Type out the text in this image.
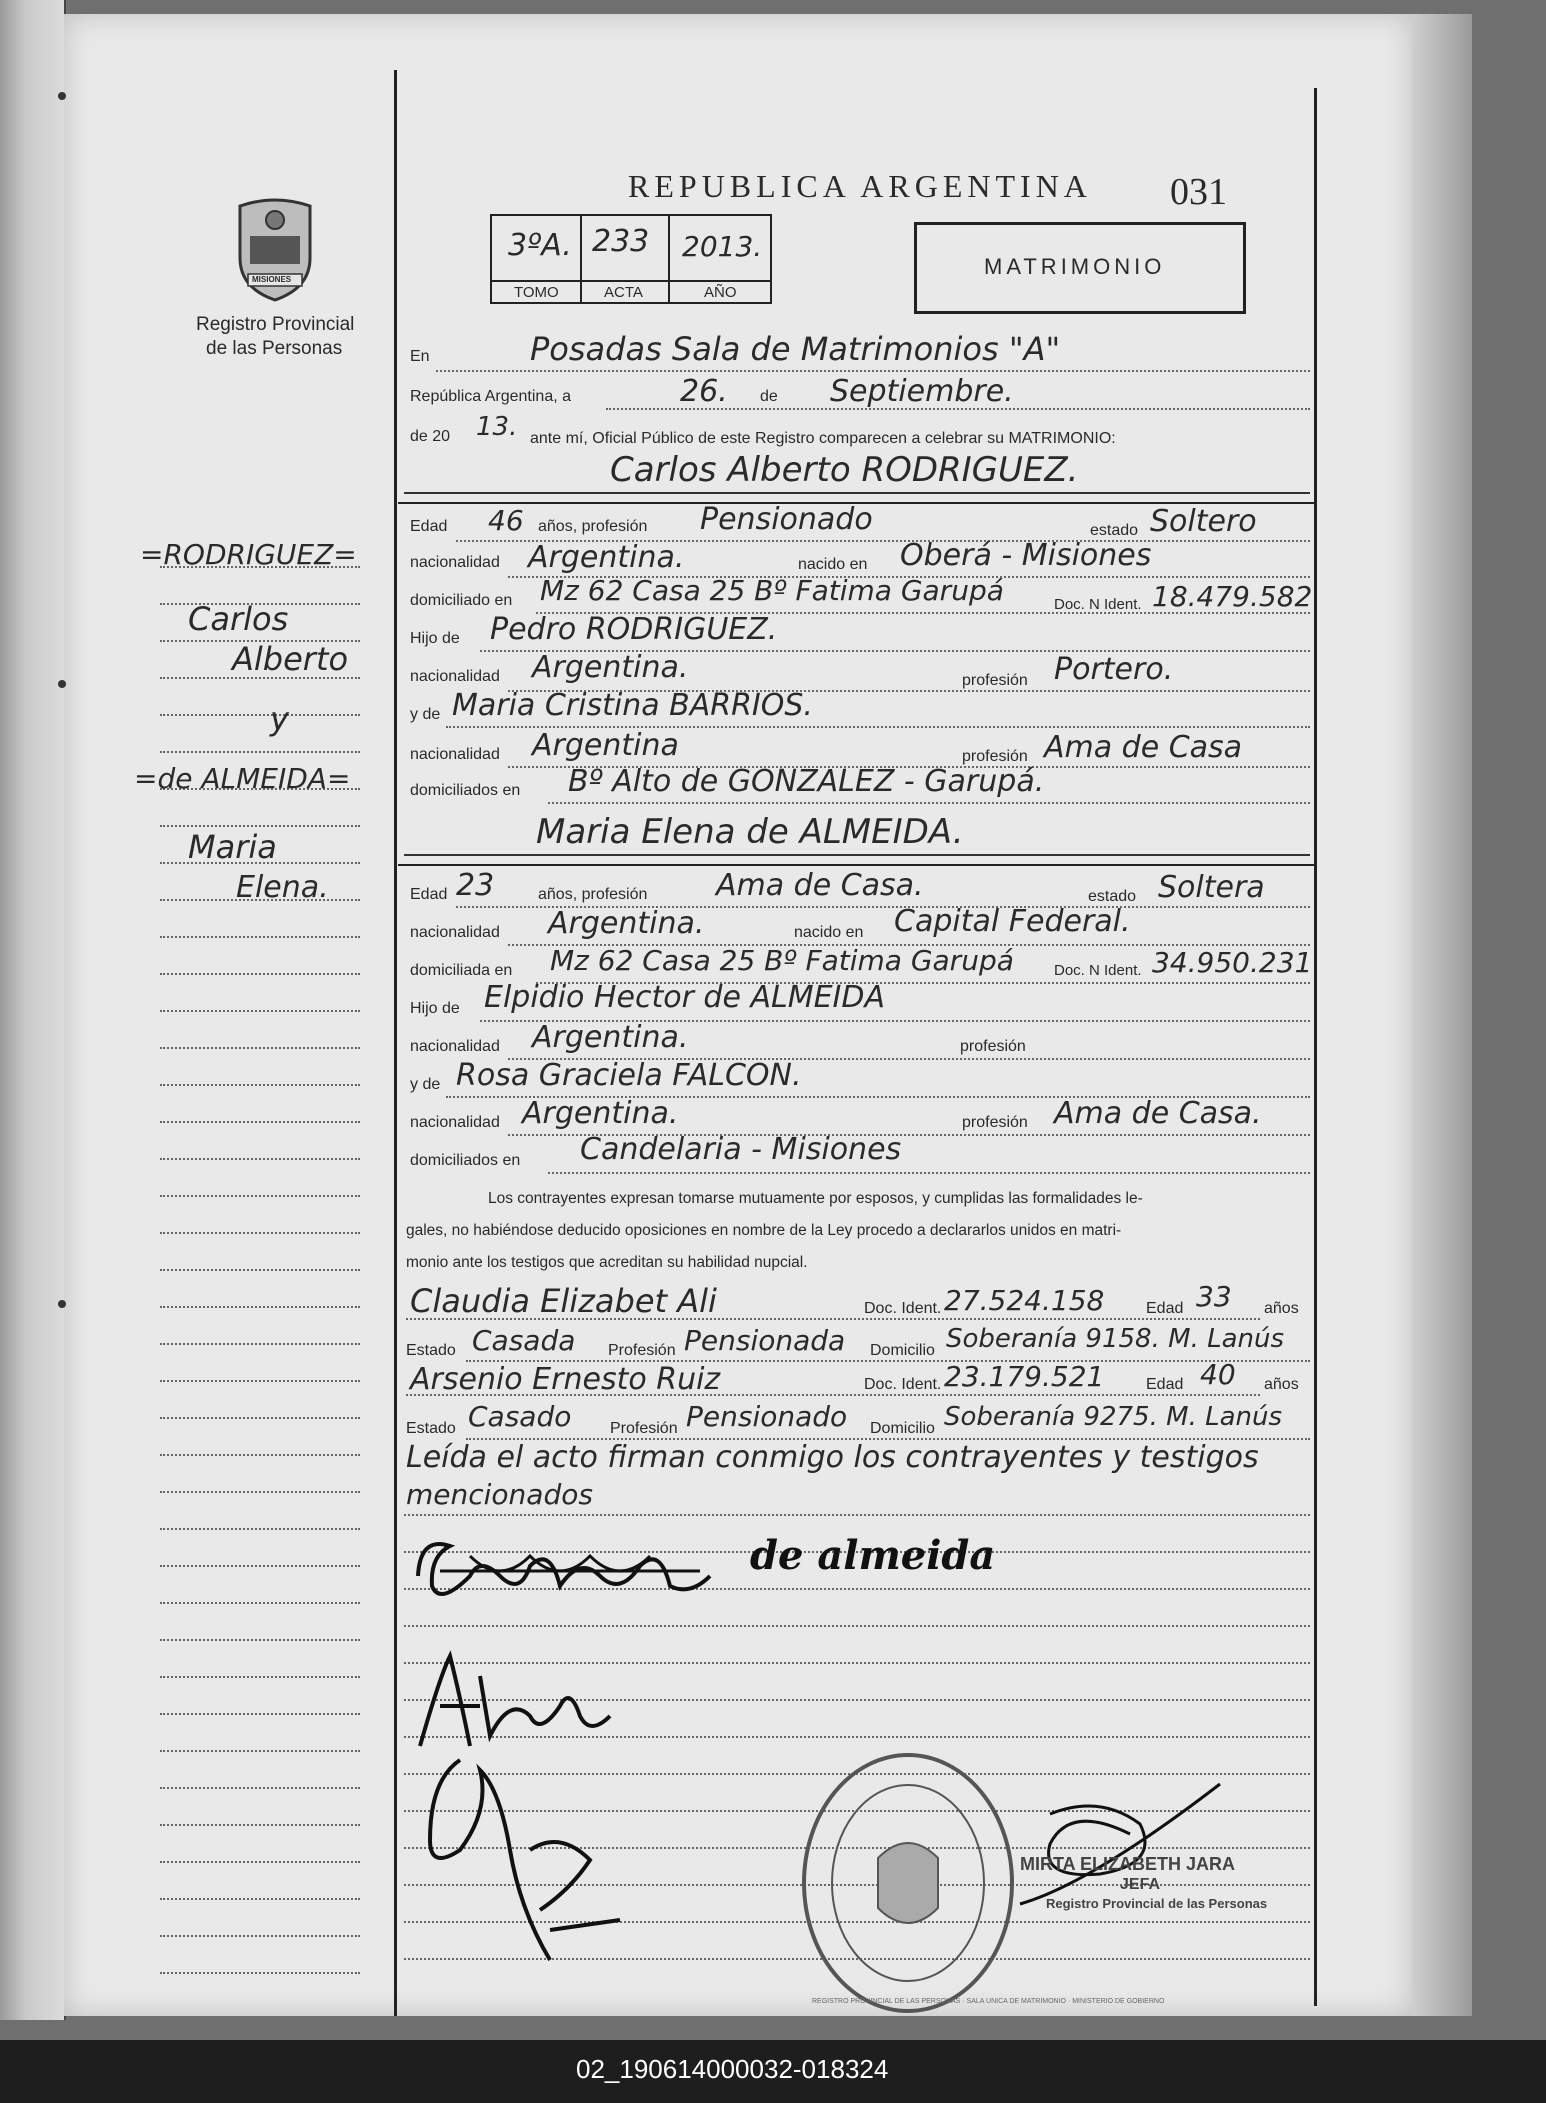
MISIONES
Registro Provincial
de las Personas
REPUBLICA ARGENTINA 031
3ºA. 233 2013.
TOMO	ACTA	AÑO
MATRIMONIO
=RODRIGUEZ=
Carlos
Alberto
y
=de ALMEIDA=
Maria
Elena.
En	Posadas Sala de Matrimonios "A"
República Argentina, a	26. de Septiembre.
de 20 13. ante mí, Oficial Público de este Registro comparecen a celebrar su MATRIMONIO:
Carlos Alberto RODRIGUEZ.
Edad 46 años, profesión Pensionado	estado Soltero
nacionalidad Argentina.	nacido en Oberá - Misiones
domiciliado en Mz 62 Casa 25 Bº Fatima Garupá	Doc. N Ident. 18.479.582
Hijo de Pedro RODRIGUEZ.
nacionalidad Argentina.	profesión Portero.
y de Maria Cristina BARRIOS.
nacionalidad Argentina	profesión Ama de Casa
domiciliados en Bº Alto de GONZALEZ - Garupá.
Maria Elena de ALMEIDA.
Edad 23	años, profesión Ama de Casa.	estado Soltera
nacionalidad Argentina.	nacido en Capital Federal.
domiciliada en Mz 62 Casa 25 Bº Fatima Garupá	Doc. N Ident. 34.950.231
Hijo de Elpidio Hector de ALMEIDA
nacionalidad Argentina.	profesión
y de Rosa Graciela FALCON.
nacionalidad Argentina.	profesión Ama de Casa.
domiciliados en Candelaria - Misiones
Los contrayentes expresan tomarse mutuamente por esposos, y cumplidas las formalidades le-
gales, no habiéndose deducido oposiciones en nombre de la Ley procedo a declararlos unidos en matri-
monio ante los testigos que acreditan su habilidad nupcial.
Claudia Elizabet Ali	Doc. Ident. 27.524.158	Edad 33 años
Estado Casada Profesión Pensionada Domicilio Soberanía 9158. M. Lanús
Arsenio Ernesto Ruiz	Doc. Ident. 23.179.521	Edad 40 años
Estado Casado Profesión Pensionado Domicilio Soberanía 9275. M. Lanús
Leída el acto firman conmigo los contrayentes y testigos
mencionados
de almeida
REGISTRO PROVINCIAL DE LAS PERSONAS · SALA UNICA DE MATRIMONIO · MINISTERIO DE GOBIERNO
MIRTA ELIZABETH JARA
JEFA
Registro Provincial de las Personas
02_190614000032-018324
